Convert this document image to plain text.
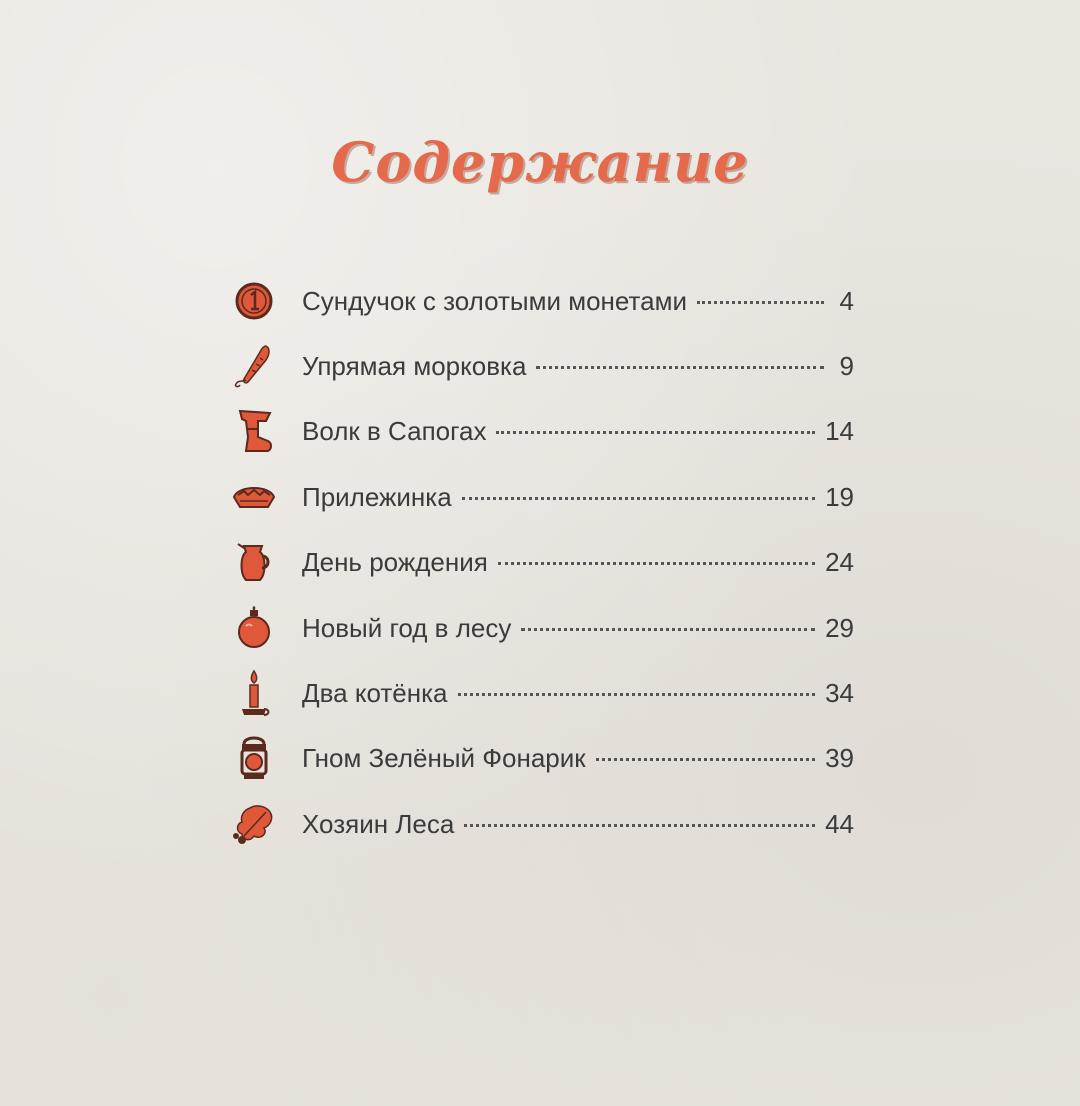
Содержание
Сундучок с золотыми монетами	4
Упрямая морковка	9
Волк в Сапогах	14
Прилежинка	19
День рождения	24
Новый год в лесу	29
Два котёнка	34
Гном Зелёный Фонарик	39
Хозяин Леса	44
